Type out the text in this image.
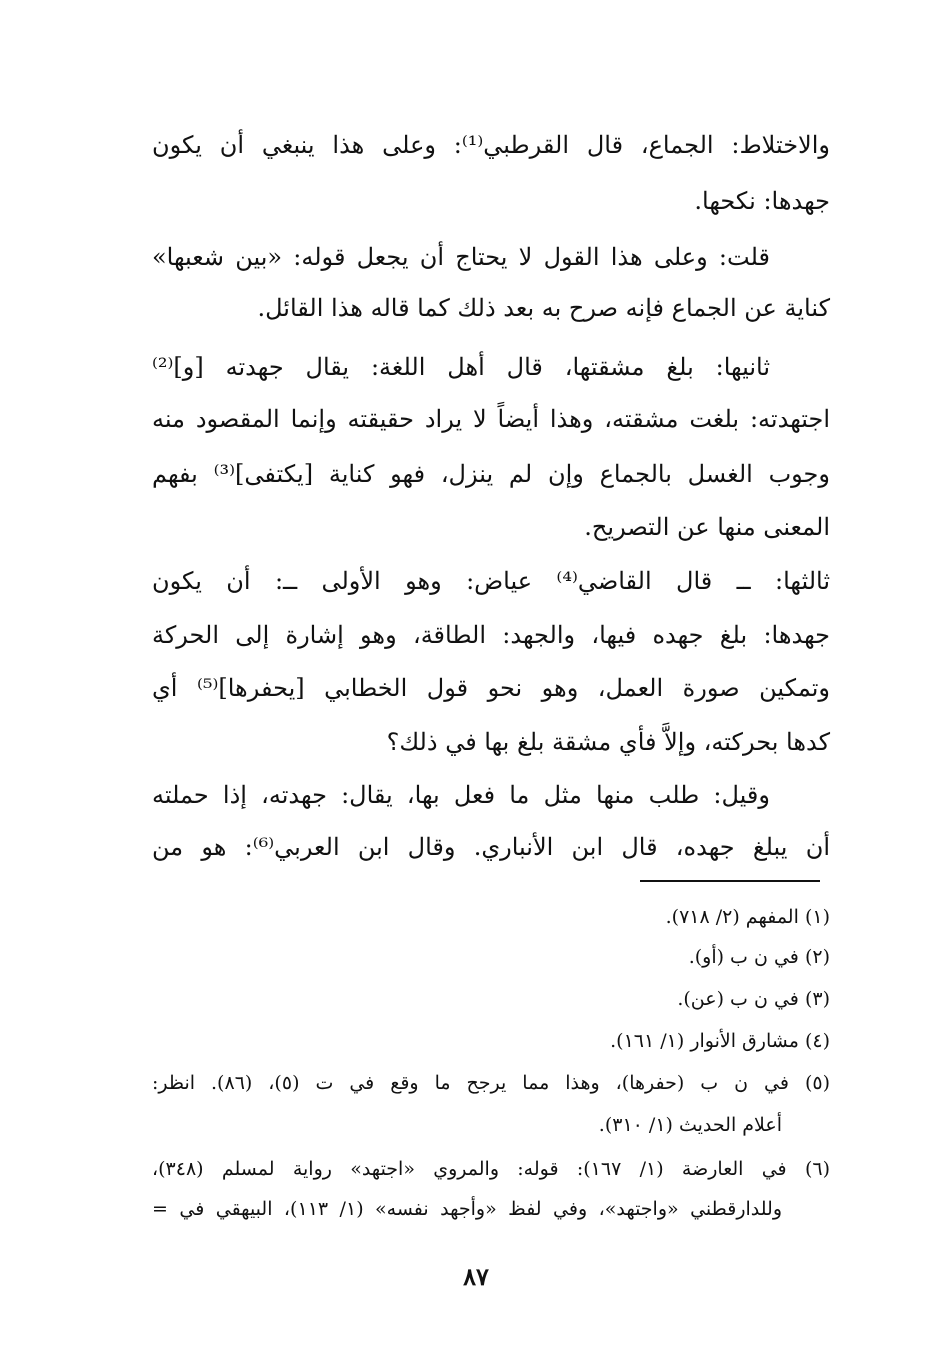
والاختلاط: الجماع، قال القرطبي⁽¹⁾: وعلى هذا ينبغي أن يكون
جهدها: نكحها.
قلت: وعلى هذا القول لا يحتاج أن يجعل قوله: «بين شعبها»
كناية عن الجماع فإنه صرح به بعد ذلك كما قاله هذا القائل.
ثانيها: بلغ مشقتها، قال أهل اللغة: يقال جهدته [و]⁽²⁾
اجتهدته: بلغت مشقته، وهذا أيضاً لا يراد حقيقته وإنما المقصود منه
وجوب الغسل بالجماع وإن لم ينزل، فهو كناية [يكتفى]⁽³⁾ بفهم
المعنى منها عن التصريح.
ثالثها: ــ قال القاضي⁽⁴⁾ عياض: وهو الأولى ــ: أن يكون
جهدها: بلغ جهده فيها، والجهد: الطاقة، وهو إشارة إلى الحركة
وتمكين صورة العمل، وهو نحو قول الخطابي [يحفرها]⁽⁵⁾ أي
كدها بحركته، وإلاَّ فأي مشقة بلغ بها في ذلك؟
وقيل: طلب منها مثل ما فعل بها، يقال: جهدته، إذا حملته
أن يبلغ جهده، قال ابن الأنباري. وقال ابن العربي⁽⁶⁾: هو من
(١) المفهم (٢/ ٧١٨).
(٢) في ن ب (أو).
(٣) في ن ب (عن).
(٤) مشارق الأنوار (١/ ١٦١).
(٥) في ن ب (حفرها)، وهذا مما يرجح ما وقع في ت (٥)، (٨٦). انظر:
أعلام الحديث (١/ ٣١٠).
(٦) في العارضة (١/ ١٦٧): قوله: والمروي «اجتهد» رواية لمسلم (٣٤٨)،
وللدارقطني «واجتهد»، وفي لفظ «وأجهد نفسه» (١/ ١١٣)، البيهقي في =
٨٧
